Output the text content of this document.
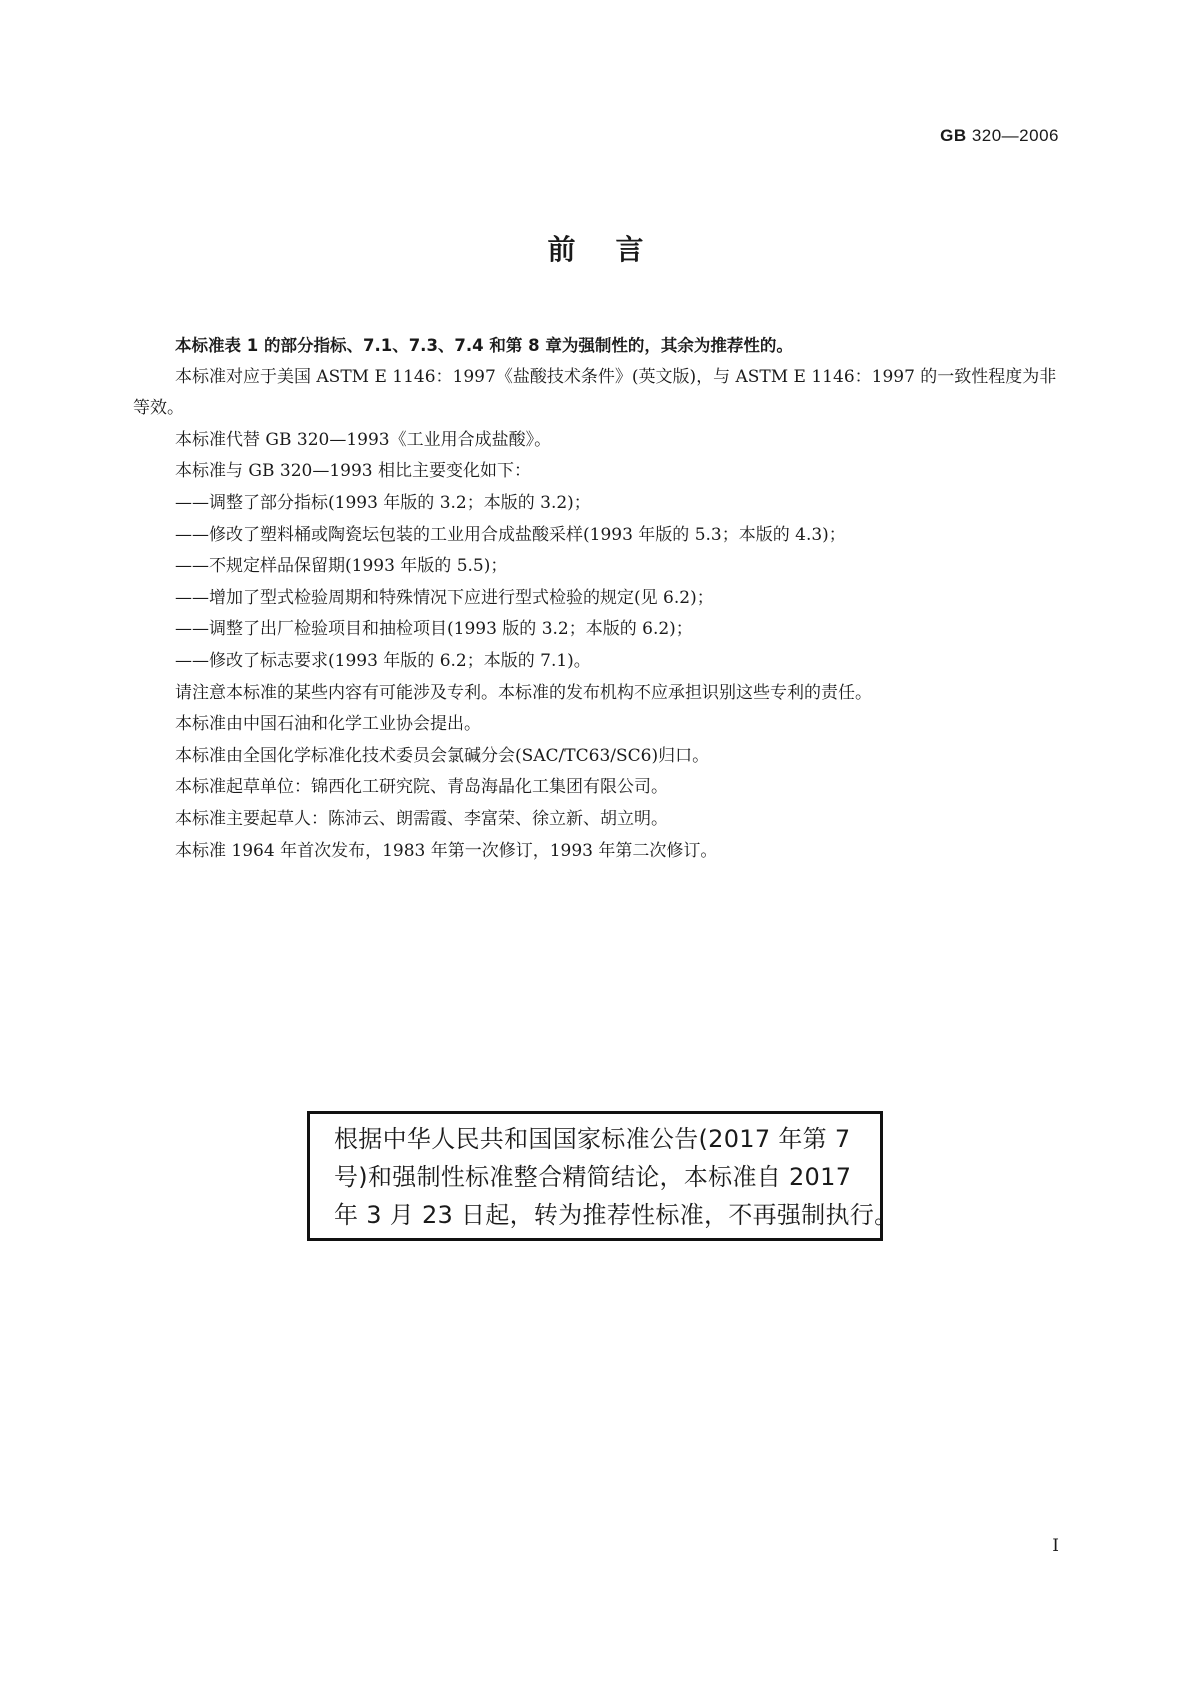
GB 320—2006
前言

本标准表 1 的部分指标、7.1、7.3、7.4 和第 8 章为强制性的，其余为推荐性的。

本标准对应于美国 ASTM E 1146：1997《盐酸技术条件》(英文版)，与 ASTM E 1146：1997 的一致性程度为非等效。

本标准代替 GB 320—1993《工业用合成盐酸》。

本标准与 GB 320—1993 相比主要变化如下：

——调整了部分指标(1993 年版的 3.2；本版的 3.2)；

——修改了塑料桶或陶瓷坛包装的工业用合成盐酸采样(1993 年版的 5.3；本版的 4.3)；

——不规定样品保留期(1993 年版的 5.5)；

——增加了型式检验周期和特殊情况下应进行型式检验的规定(见 6.2)；

——调整了出厂检验项目和抽检项目(1993 版的 3.2；本版的 6.2)；

——修改了标志要求(1993 年版的 6.2；本版的 7.1)。

请注意本标准的某些内容有可能涉及专利。本标准的发布机构不应承担识别这些专利的责任。

本标准由中国石油和化学工业协会提出。

本标准由全国化学标准化技术委员会氯碱分会(SAC/TC63/SC6)归口。

本标准起草单位：锦西化工研究院、青岛海晶化工集团有限公司。

本标准主要起草人：陈沛云、朗需霞、李富荣、徐立新、胡立明。

本标准 1964 年首次发布，1983 年第一次修订，1993 年第二次修订。

根据中华人民共和国国家标准公告(2017 年第 7
号)和强制性标准整合精简结论，本标准自 2017
年 3 月 23 日起，转为推荐性标准，不再强制执行。
I
